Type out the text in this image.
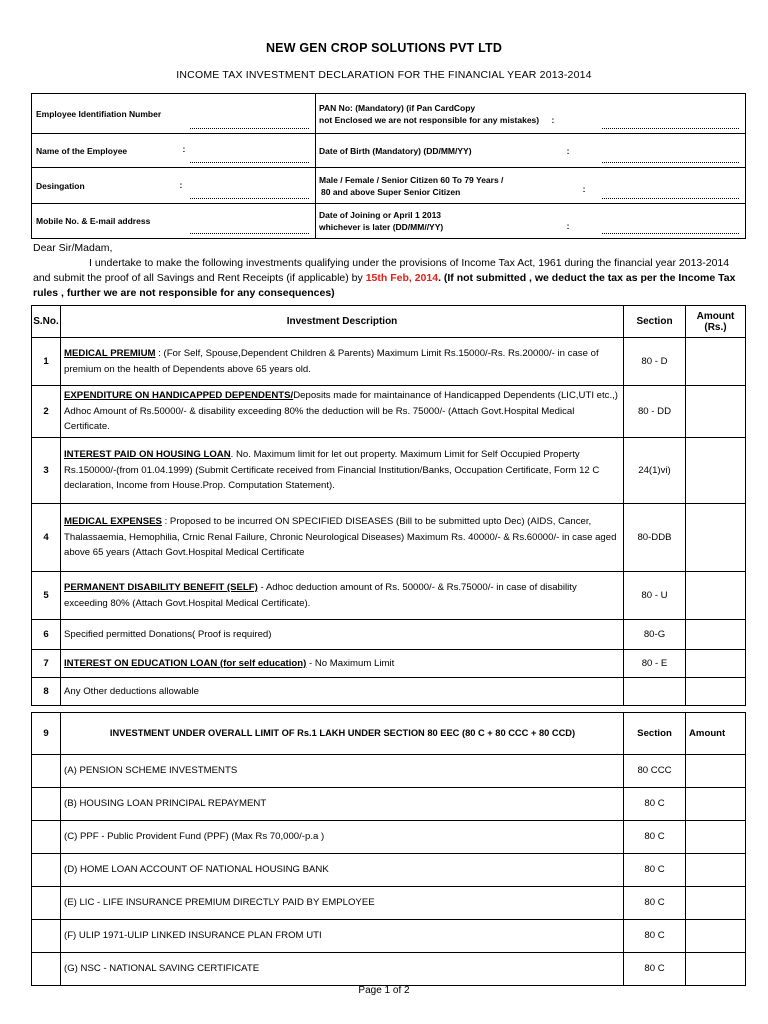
NEW GEN CROP SOLUTIONS PVT LTD
INCOME TAX INVESTMENT DECLARATION FOR THE FINANCIAL YEAR 2013-2014
Employee Identifiation Number		PAN No: (Mandatory) (if Pan CardCopy
not Enclosed we are not responsible for any mistakes) :	

Name of the Employee	:	Date of Birth (Mandatory) (DD/MM/YY) :	

Desingation	:	Male / Female / Senior Citizen 60 To 79 Years /
80 and above Super Senior Citizen :	

Mobile No. & E-mail address		Date of Joining or April 1 2013
whichever is later (DD/MM//YY) :	

Dear Sir/Madam,

I undertake to make the following investments qualifying under the provisions of Income Tax Act, 1961 during the financial year 2013-2014 and submit the proof of all Savings and Rent Receipts (if applicable) by 15th Feb, 2014. (If not submitted , we deduct the tax as per the Income Tax rules , further we are not responsible for any consequences)

S.No.	Investment Description	Section	Amount (Rs.)
1	MEDICAL PREMIUM : (For Self, Spouse,Dependent Children & Parents) Maximum Limit Rs.15000/-Rs. Rs.20000/- in case of premium on the health of Dependents above 65 years old.	80 - D	
2	EXPENDITURE ON HANDICAPPED DEPENDENTS/Deposits made for maintainance of Handicapped Dependents (LIC,UTI etc.,) Adhoc Amount of Rs.50000/- & disability exceeding 80% the deduction will be Rs. 75000/- (Attach Govt.Hospital Medical Certificate.	80 - DD	
3	INTEREST PAID ON HOUSING LOAN. No. Maximum limit for let out property. Maximum Limit for Self Occupied Property Rs.150000/-(from 01.04.1999) (Submit Certificate received from Financial Institution/Banks, Occupation Certificate, Form 12 C declaration, Income from House.Prop. Computation Statement).	24(1)vi)	
4	MEDICAL EXPENSES : Proposed to be incurred ON SPECIFIED DISEASES (Bill to be submitted upto Dec) (AIDS, Cancer, Thalassaemia, Hemophilia, Crnic Renal Failure, Chronic Neurological Diseases) Maximum Rs. 40000/- & Rs.60000/- in case aged above 65 years (Attach Govt.Hospital Medical Certificate	80-DDB	
5	PERMANENT DISABILITY BENEFIT (SELF) - Adhoc deduction amount of Rs. 50000/- & Rs.75000/- in case of disability exceeding 80% (Attach Govt.Hospital Medical Certificate).	80 - U	
6	Specified permitted Donations( Proof is required)	80-G	
7	INTEREST ON EDUCATION LOAN (for self education) - No Maximum Limit	80 - E	
8	Any Other deductions allowable		

9	INVESTMENT UNDER OVERALL LIMIT OF Rs.1 LAKH UNDER SECTION 80 EEC (80 C + 80 CCC + 80 CCD)	Section	Amount
	(A) PENSION SCHEME INVESTMENTS	80 CCC	
	(B) HOUSING LOAN PRINCIPAL REPAYMENT	80 C	
	(C) PPF - Public Provident Fund (PPF) (Max Rs 70,000/-p.a )	80 C	
	(D) HOME LOAN ACCOUNT OF NATIONAL HOUSING BANK	80 C	
	(E) LIC - LIFE INSURANCE PREMIUM DIRECTLY PAID BY EMPLOYEE	80 C	
	(F) ULIP 1971-ULIP LINKED INSURANCE PLAN FROM UTI	80 C	
	(G) NSC - NATIONAL SAVING CERTIFICATE	80 C	
Page 1 of 2
